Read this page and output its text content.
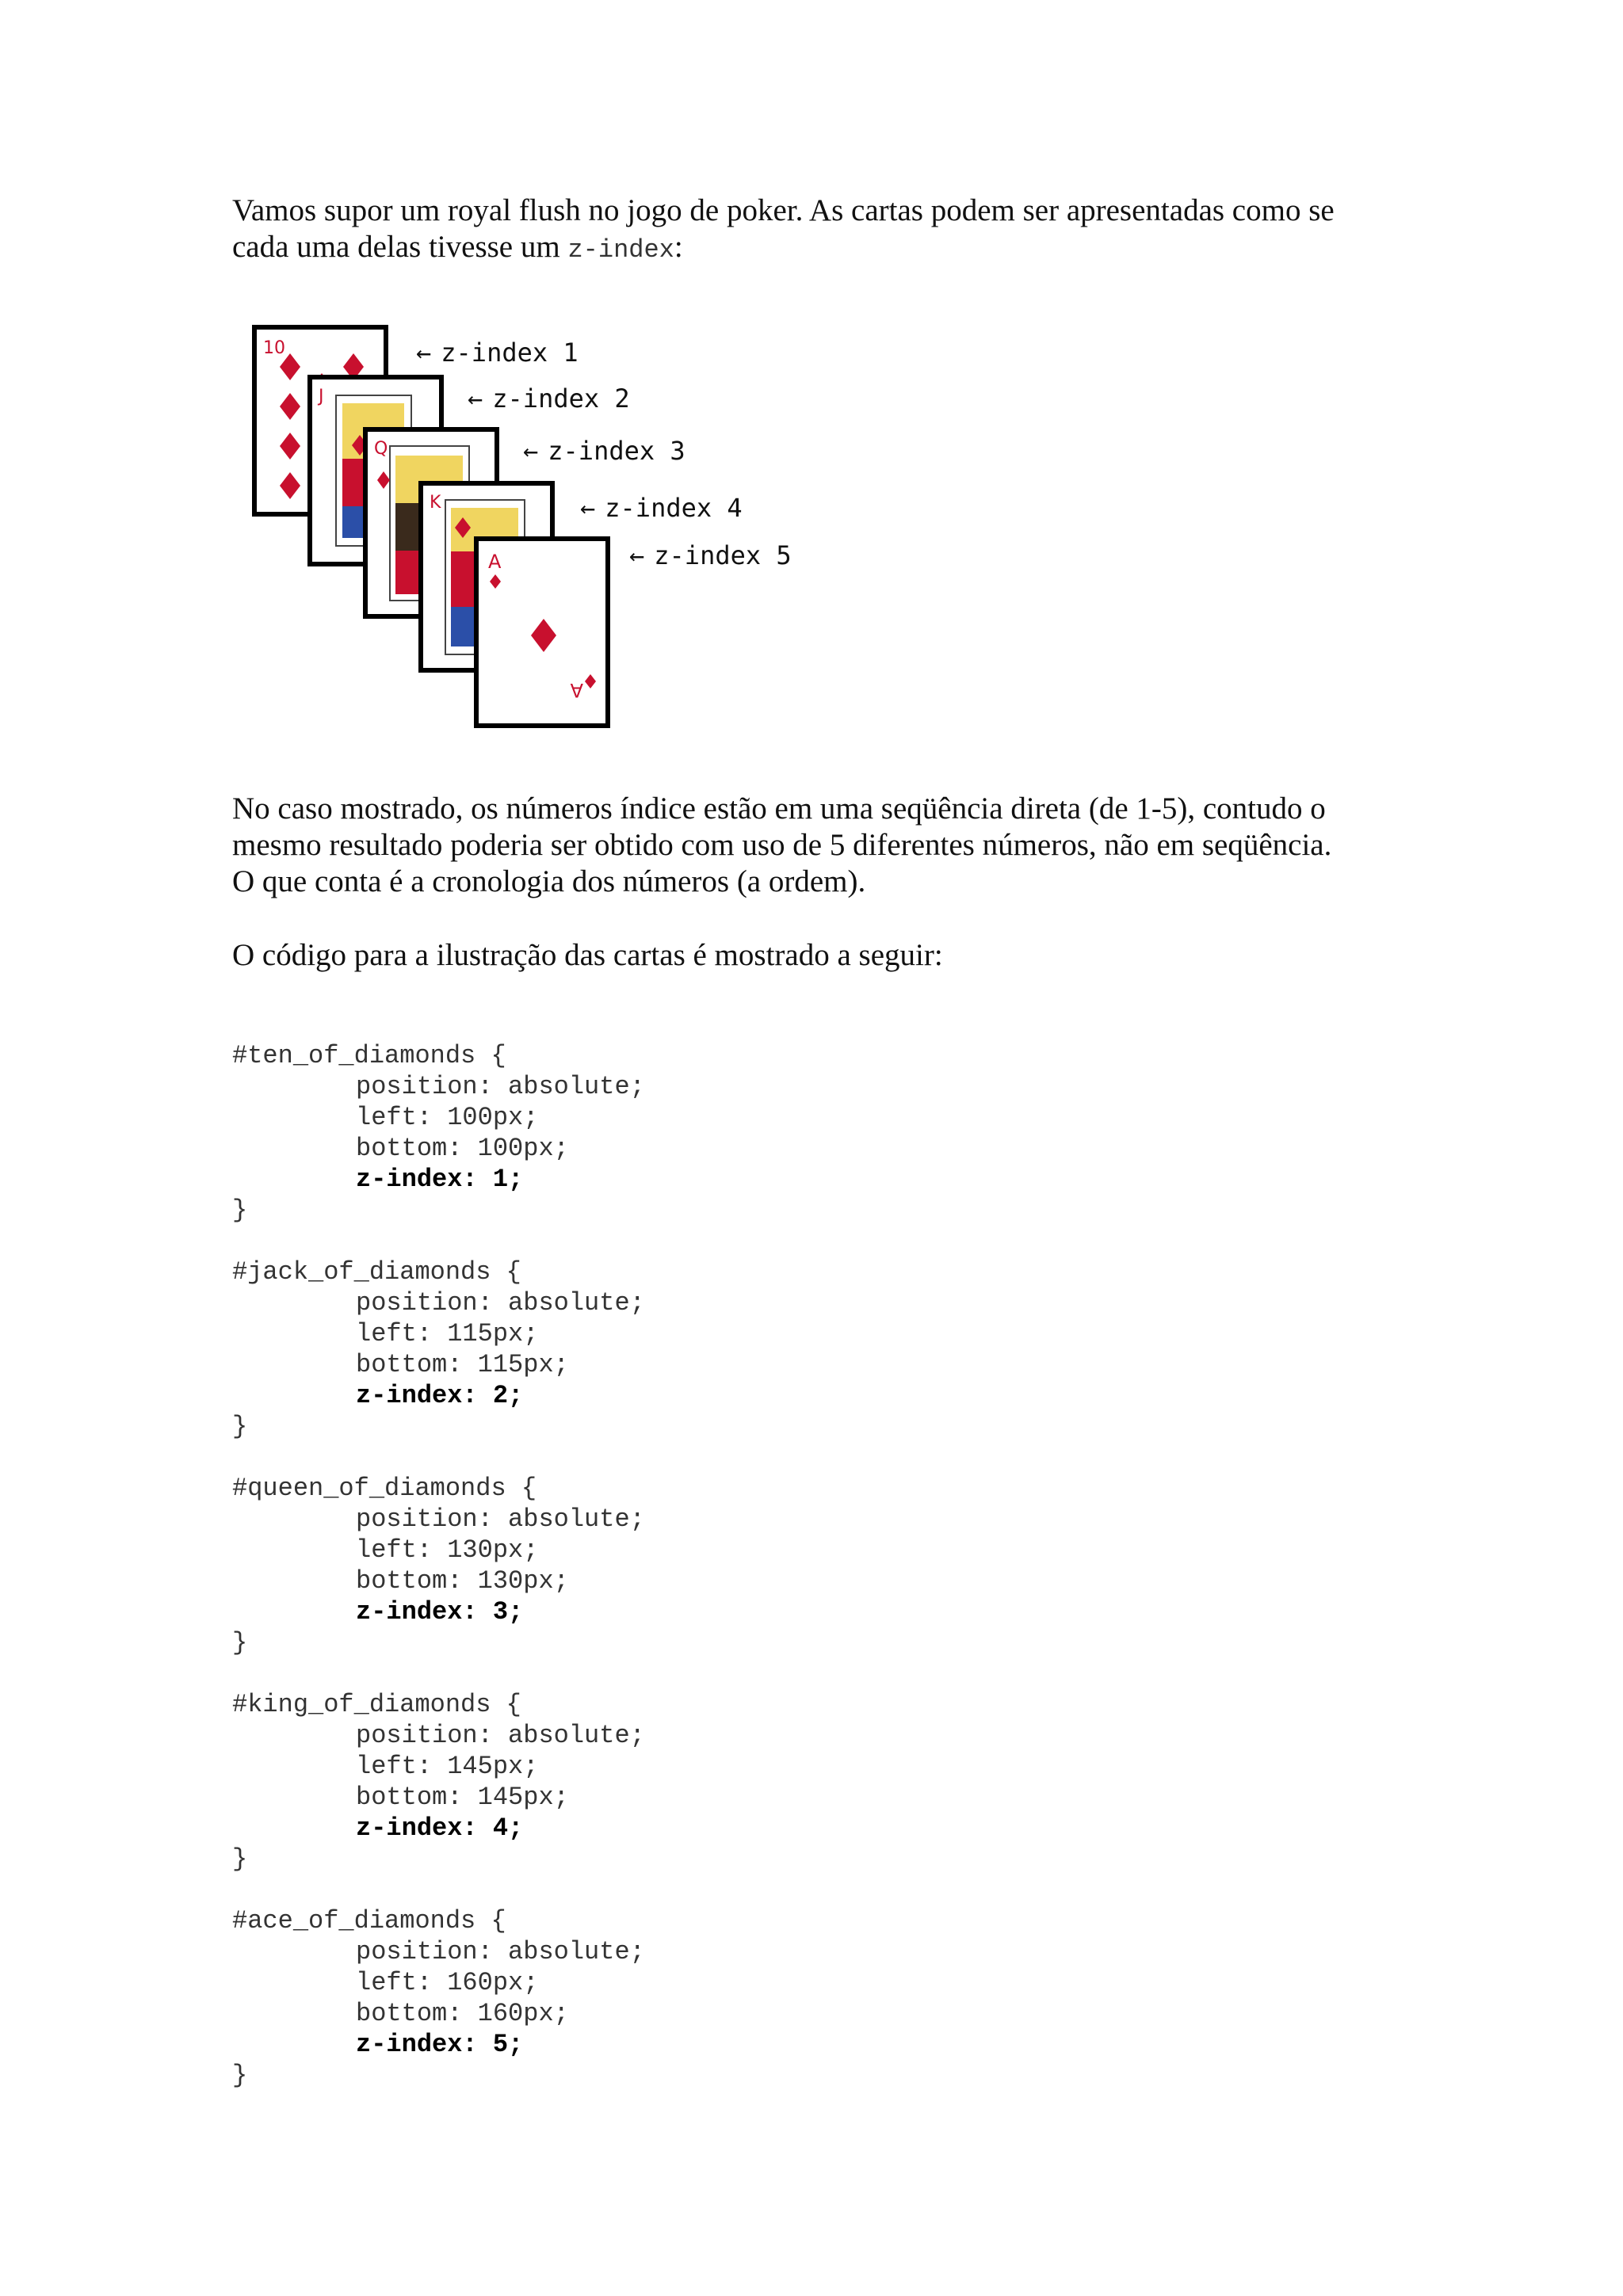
Vamos supor um royal flush no jogo de poker. As cartas podem ser apresentadas como se
cada uma delas tivesse um z-index:

10
J
Q
K
A
A
← z-index 1
← z-index 2
← z-index 3
← z-index 4
← z-index 5

No caso mostrado, os números índice estão em uma seqüência direta (de 1-5), contudo o
mesmo resultado poderia ser obtido com uso de 5 diferentes números, não em seqüência.
O que conta é a cronologia dos números (a ordem).

O código para a ilustração das cartas é mostrado a seguir:

#ten_of_diamonds {
position: absolute;
left: 100px;
bottom: 100px;
z-index: 1;
}
#jack_of_diamonds {
position: absolute;
left: 115px;
bottom: 115px;
z-index: 2;
}
#queen_of_diamonds {
position: absolute;
left: 130px;
bottom: 130px;
z-index: 3;
}
#king_of_diamonds {
position: absolute;
left: 145px;
bottom: 145px;
z-index: 4;
}
#ace_of_diamonds {
position: absolute;
left: 160px;
bottom: 160px;
z-index: 5;
}
